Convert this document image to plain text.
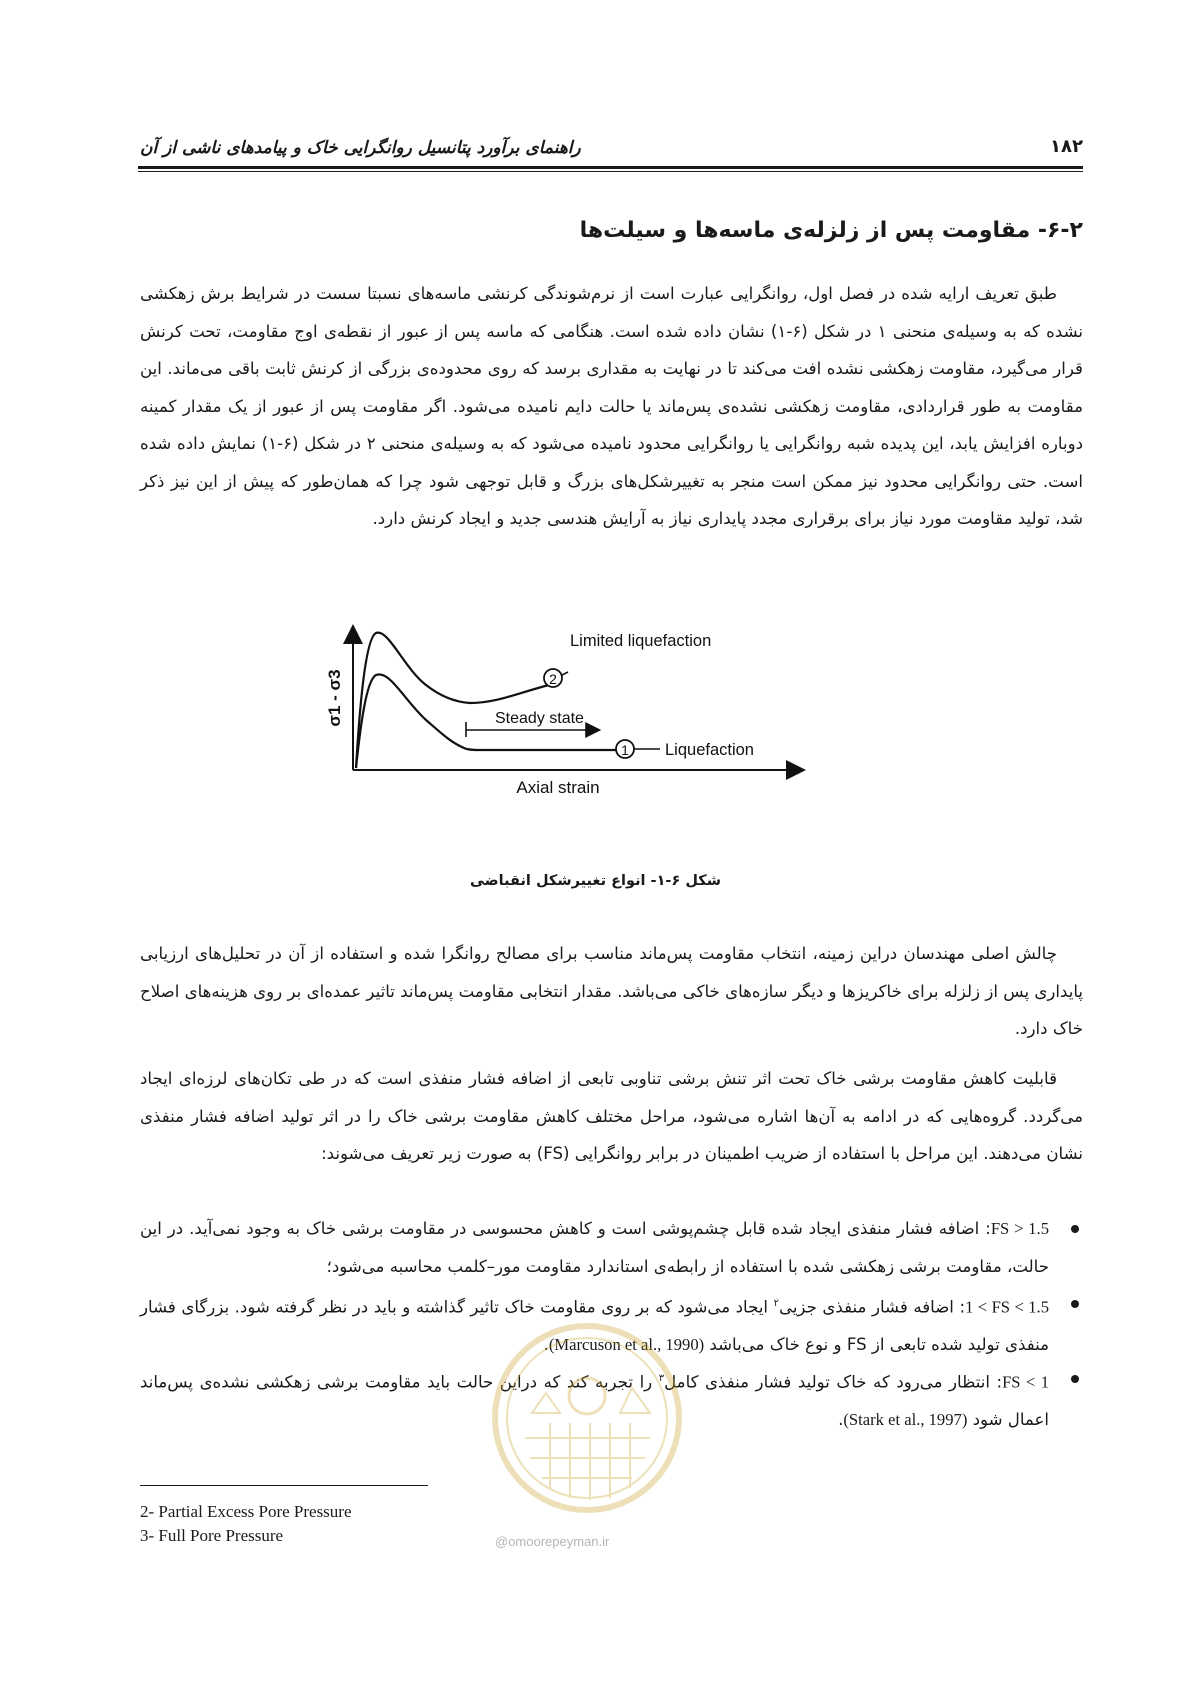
راهنمای برآورد پتانسیل روانگرایی خاک و پیامدهای ناشی از آن	۱۸۲
۶-۲- مقاومت پس از زلزله‌ی ماسه‌ها و سیلت‌ها
طبق تعریف ارایه شده در فصل اول، روانگرایی عبارت است از نرم‌شوندگی کرنشی ماسه‌های نسبتا سست در شرایط برش زهکشی نشده که به وسیله‌ی منحنی ۱ در شکل (۶-۱) نشان داده شده است. هنگامی که ماسه پس از عبور از نقطه‌ی اوج مقاومت، تحت کرنش قرار می‌گیرد، مقاومت زهکشی نشده افت می‌کند تا در نهایت به مقداری برسد که روی محدوده‌ی بزرگی از کرنش ثابت باقی می‌ماند. این مقاومت به طور قراردادی، مقاومت زهکشی نشده‌ی پس‌ماند یا حالت دایم نامیده می‌شود. اگر مقاومت پس از عبور از یک مقدار کمینه دوباره افزایش یابد، این پدیده شبه روانگرایی یا روانگرایی محدود نامیده می‌شود که به وسیله‌ی منحنی ۲ در شکل (۶-۱) نمایش داده شده است. حتی روانگرایی محدود نیز ممکن است منجر به تغییرشکل‌های بزرگ و قابل توجهی شود چرا که همان‌طور که پیش از این نیز ذکر شد، تولید مقاومت مورد نیاز برای برقراری مجدد پایداری نیاز به آرایش هندسی جدید و ایجاد کرنش دارد.
σ1 - σ3	2
Limited liquefaction
1 Liquefaction
Steady state
Axial strain
شکل ۶-۱- انواع تغییرشکل انقباضی
چالش اصلی مهندسان دراین زمینه، انتخاب مقاومت پس‌ماند مناسب برای مصالح روانگرا شده و استفاده از آن در تحلیل‌های ارزیابی پایداری پس از زلزله برای خاکریزها و دیگر سازه‌های خاکی می‌باشد. مقدار انتخابی مقاومت پس‌ماند تاثیر عمده‌ای بر روی هزینه‌های اصلاح خاک دارد.
قابلیت کاهش مقاومت برشی خاک تحت اثر تنش برشی تناوبی تابعی از اضافه فشار منفذی است که در طی تکان‌های لرزه‌ای ایجاد می‌گردد. گروه‌هایی که در ادامه به آن‌ها اشاره می‌شود، مراحل مختلف کاهش مقاومت برشی خاک را در اثر تولید اضافه فشار منفذی نشان می‌دهند. این مراحل با استفاده از ضریب اطمینان در برابر روانگرایی (FS) به صورت زیر تعریف می‌شوند:
FS > 1.5: اضافه فشار منفذی ایجاد شده قابل چشم‌پوشی است و کاهش محسوسی در مقاومت برشی خاک به وجود نمی‌آید. در این حالت، مقاومت برشی زهکشی شده با استفاده از رابطه‌ی استاندارد مقاومت مور–کلمب محاسبه می‌شود؛
1 < FS < 1.5: اضافه فشار منفذی جزیی$^۲$ ایجاد می‌شود که بر روی مقاومت خاک تاثیر گذاشته و باید در نظر گرفته شود. بزرگای فشار منفذی تولید شده تابعی از FS و نوع خاک می‌باشد (Marcuson et al., 1990).
FS < 1: انتظار می‌رود که خاک تولید فشار منفذی کامل$^۳$ را تجربه کند که دراین حالت باید مقاومت برشی زهکشی نشده‌ی پس‌ماند اعمال شود (Stark et al., 1997).
@omoorepeyman.ir
2- Partial Excess Pore Pressure
3- Full Pore Pressure
